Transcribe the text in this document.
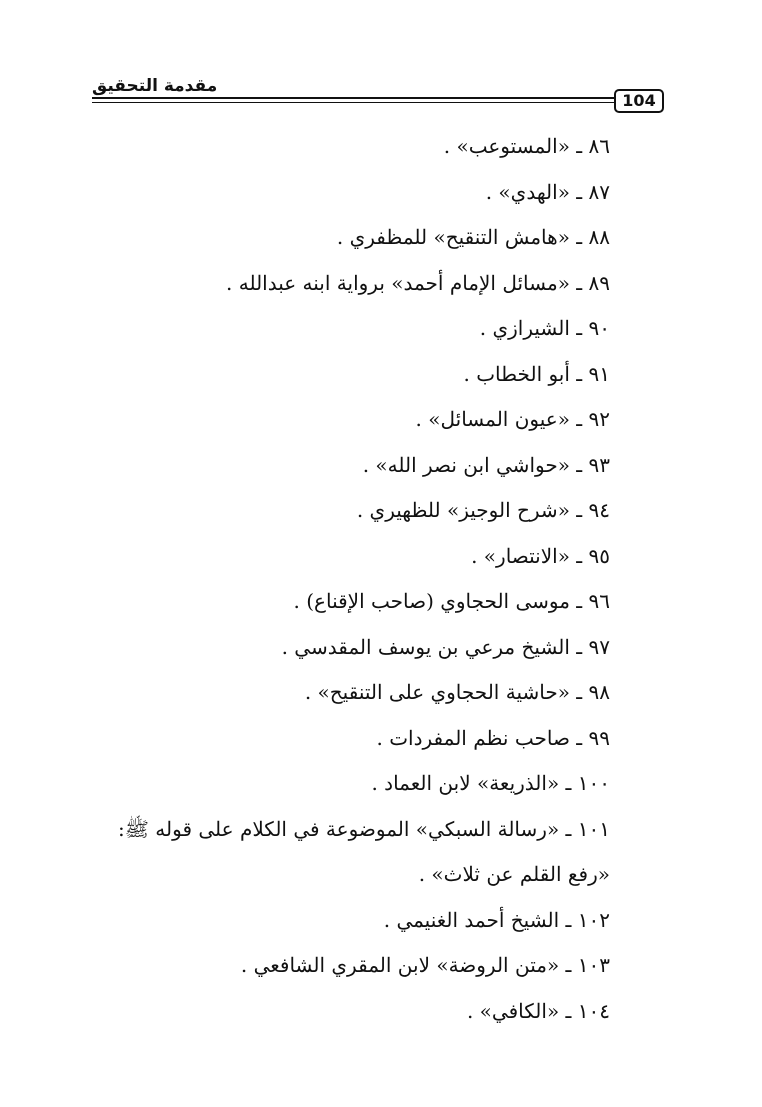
مقدمة التحقيق
104
٨٦ ـ «المستوعب» .
٨٧ ـ «الهدي» .
٨٨ ـ «هامش التنقيح» للمظفري .
٨٩ ـ «مسائل الإمام أحمد» برواية ابنه عبدالله .
٩٠ ـ الشيرازي .
٩١ ـ أبو الخطاب .
٩٢ ـ «عيون المسائل» .
٩٣ ـ «حواشي ابن نصر الله» .
٩٤ ـ «شرح الوجيز» للظهيري .
٩٥ ـ «الانتصار» .
٩٦ ـ موسى الحجاوي (صاحب الإقناع) .
٩٧ ـ الشيخ مرعي بن يوسف المقدسي .
٩٨ ـ «حاشية الحجاوي على التنقيح» .
٩٩ ـ صاحب نظم المفردات .
١٠٠ ـ «الذريعة» لابن العماد .
١٠١ ـ «رسالة السبكي» الموضوعة في الكلام على قوله ﷺ: «رفع القلم عن ثلاث» .
١٠٢ ـ الشيخ أحمد الغنيمي .
١٠٣ ـ «متن الروضة» لابن المقري الشافعي .
١٠٤ ـ «الكافي» .
